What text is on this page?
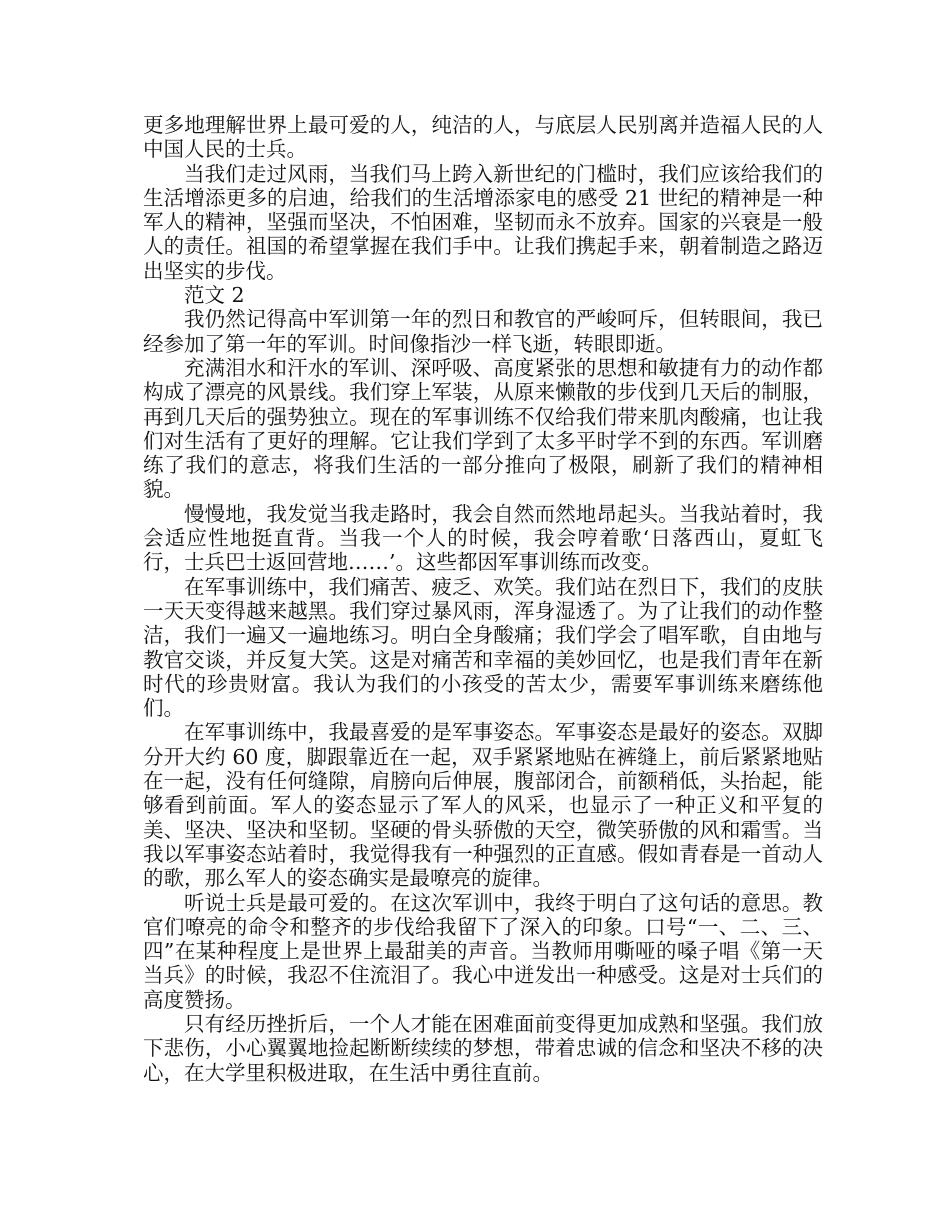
更多地理解世界上最可爱的人，纯洁的人，与底层人民别离并造福人民的人中国人民的士兵。

当我们走过风雨，当我们马上跨入新世纪的门槛时，我们应该给我们的生活增添更多的启迪，给我们的生活增添家电的感受 21 世纪的精神是一种军人的精神，坚强而坚决，不怕困难，坚韧而永不放弃。国家的兴衰是一般人的责任。祖国的希望掌握在我们手中。让我们携起手来，朝着制造之路迈出坚实的步伐。

范文 2

我仍然记得高中军训第一年的烈日和教官的严峻呵斥，但转眼间，我已经参加了第一年的军训。时间像指沙一样飞逝，转眼即逝。

充满泪水和汗水的军训、深呼吸、高度紧张的思想和敏捷有力的动作都构成了漂亮的风景线。我们穿上军装，从原来懒散的步伐到几天后的制服，再到几天后的强势独立。现在的军事训练不仅给我们带来肌肉酸痛，也让我们对生活有了更好的理解。它让我们学到了太多平时学不到的东西。军训磨练了我们的意志，将我们生活的一部分推向了极限，刷新了我们的精神相貌。

慢慢地，我发觉当我走路时，我会自然而然地昂起头。当我站着时，我会适应性地挺直背。当我一个人的时候，我会哼着歌‘日落西山，夏虹飞行，士兵巴士返回营地……’。这些都因军事训练而改变。

在军事训练中，我们痛苦、疲乏、欢笑。我们站在烈日下，我们的皮肤一天天变得越来越黑。我们穿过暴风雨，浑身湿透了。为了让我们的动作整洁，我们一遍又一遍地练习。明白全身酸痛；我们学会了唱军歌，自由地与教官交谈，并反复大笑。这是对痛苦和幸福的美妙回忆，也是我们青年在新时代的珍贵财富。我认为我们的小孩受的苦太少，需要军事训练来磨练他们。

在军事训练中，我最喜爱的是军事姿态。军事姿态是最好的姿态。双脚分开大约 60 度，脚跟靠近在一起，双手紧紧地贴在裤缝上，前后紧紧地贴在一起，没有任何缝隙，肩膀向后伸展，腹部闭合，前额稍低，头抬起，能够看到前面。军人的姿态显示了军人的风采，也显示了一种正义和平复的美、坚决、坚决和坚韧。坚硬的骨头骄傲的天空，微笑骄傲的风和霜雪。当我以军事姿态站着时，我觉得我有一种强烈的正直感。假如青春是一首动人的歌，那么军人的姿态确实是最嘹亮的旋律。

听说士兵是最可爱的。在这次军训中，我终于明白了这句话的意思。教官们嘹亮的命令和整齐的步伐给我留下了深入的印象。口号“一、二、三、四”在某种程度上是世界上最甜美的声音。当教师用嘶哑的嗓子唱《第一天当兵》的时候，我忍不住流泪了。我心中迸发出一种感受。这是对士兵们的高度赞扬。

只有经历挫折后，一个人才能在困难面前变得更加成熟和坚强。我们放下悲伤，小心翼翼地捡起断断续续的梦想，带着忠诚的信念和坚决不移的决心，在大学里积极进取，在生活中勇往直前。
